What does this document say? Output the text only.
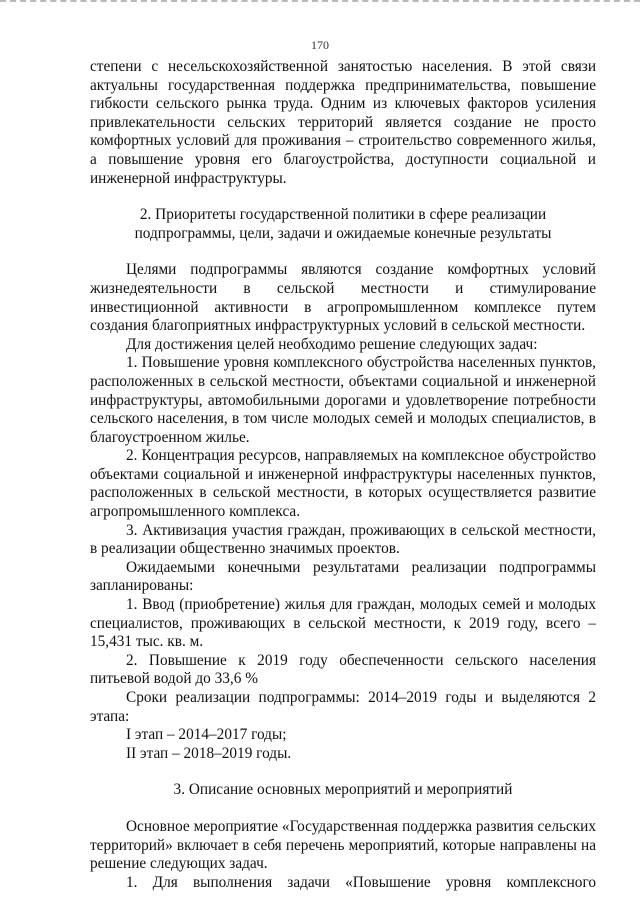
170

степени с несельскохозяйственной занятостью населения. В этой связи актуальны государственная поддержка предпринимательства, повышение гибкости сельского рынка труда. Одним из ключевых факторов усиления привлекательности сельских территорий является создание не просто комфортных условий для проживания – строительство современного жилья, а повышение уровня его благоустройства, доступности социальной и инженерной инфраструктуры.

2. Приоритеты государственной политики в сфере реализации подпрограммы, цели, задачи и ожидаемые конечные результаты

Целями подпрограммы являются создание комфортных условий жизнедеятельности в сельской местности и стимулирование инвестиционной активности в агропромышленном комплексе путем создания благоприятных инфраструктурных условий в сельской местности.

Для достижения целей необходимо решение следующих задач:

1. Повышение уровня комплексного обустройства населенных пунктов, расположенных в сельской местности, объектами социальной и инженерной инфраструктуры, автомобильными дорогами и удовлетворение потребности сельского населения, в том числе молодых семей и молодых специалистов, в благоустроенном жилье.

2. Концентрация ресурсов, направляемых на комплексное обустройство объектами социальной и инженерной инфраструктуры населенных пунктов, расположенных в сельской местности, в которых осуществляется развитие агропромышленного комплекса.

3. Активизация участия граждан, проживающих в сельской местности, в реализации общественно значимых проектов.

Ожидаемыми конечными результатами реализации подпрограммы запланированы:

1. Ввод (приобретение) жилья для граждан, молодых семей и молодых специалистов, проживающих в сельской местности, к 2019 году, всего – 15,431 тыс. кв. м.

2. Повышение к 2019 году обеспеченности сельского населения питьевой водой до 33,6 %

Сроки реализации подпрограммы: 2014–2019 годы и выделяются 2 этапа:

I этап – 2014–2017 годы;

II этап – 2018–2019 годы.

3. Описание основных мероприятий и мероприятий

Основное мероприятие «Государственная поддержка развития сельских территорий» включает в себя перечень мероприятий, которые направлены на решение следующих задач.

1. Для выполнения задачи «Повышение уровня комплексного
